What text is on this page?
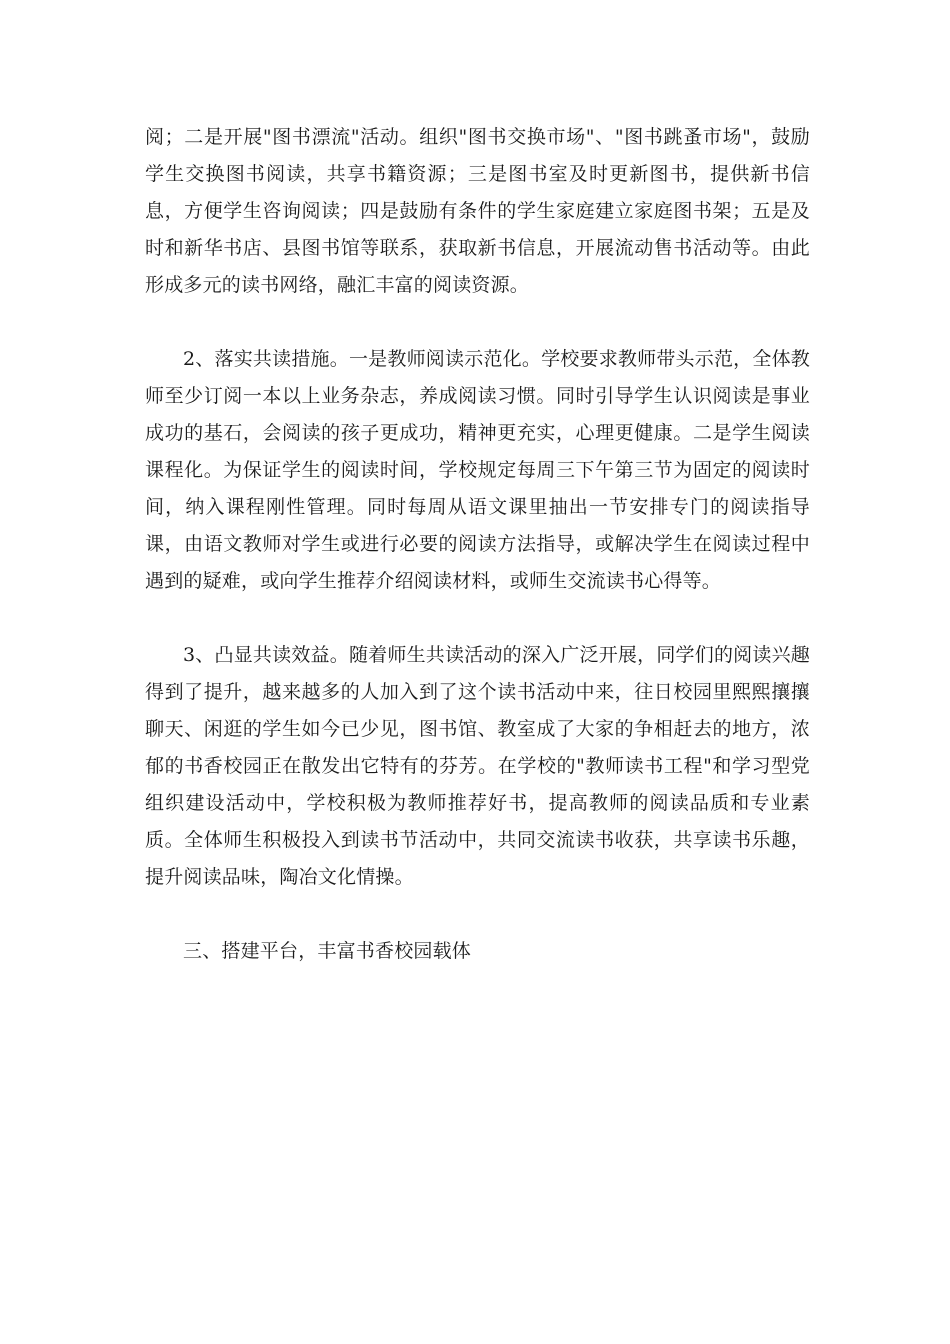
阅；二是开展"图书漂流"活动。组织"图书交换市场"、"图书跳蚤市场"，鼓励学生交换图书阅读，共享书籍资源；三是图书室及时更新图书，提供新书信息，方便学生咨询阅读；四是鼓励有条件的学生家庭建立家庭图书架；五是及时和新华书店、县图书馆等联系，获取新书信息，开展流动售书活动等。由此形成多元的读书网络，融汇丰富的阅读资源。

2、落实共读措施。一是教师阅读示范化。学校要求教师带头示范，全体教师至少订阅一本以上业务杂志，养成阅读习惯。同时引导学生认识阅读是事业成功的基石，会阅读的孩子更成功，精神更充实，心理更健康。二是学生阅读课程化。为保证学生的阅读时间，学校规定每周三下午第三节为固定的阅读时间，纳入课程刚性管理。同时每周从语文课里抽出一节安排专门的阅读指导课，由语文教师对学生或进行必要的阅读方法指导，或解决学生在阅读过程中遇到的疑难，或向学生推荐介绍阅读材料，或师生交流读书心得等。

3、凸显共读效益。随着师生共读活动的深入广泛开展，同学们的阅读兴趣得到了提升，越来越多的人加入到了这个读书活动中来，往日校园里熙熙攘攘聊天、闲逛的学生如今已少见，图书馆、教室成了大家的争相赶去的地方，浓郁的书香校园正在散发出它特有的芬芳。在学校的"教师读书工程"和学习型党组织建设活动中，学校积极为教师推荐好书，提高教师的阅读品质和专业素质。全体师生积极投入到读书节活动中，共同交流读书收获，共享读书乐趣，提升阅读品味，陶冶文化情操。

三、搭建平台，丰富书香校园载体
